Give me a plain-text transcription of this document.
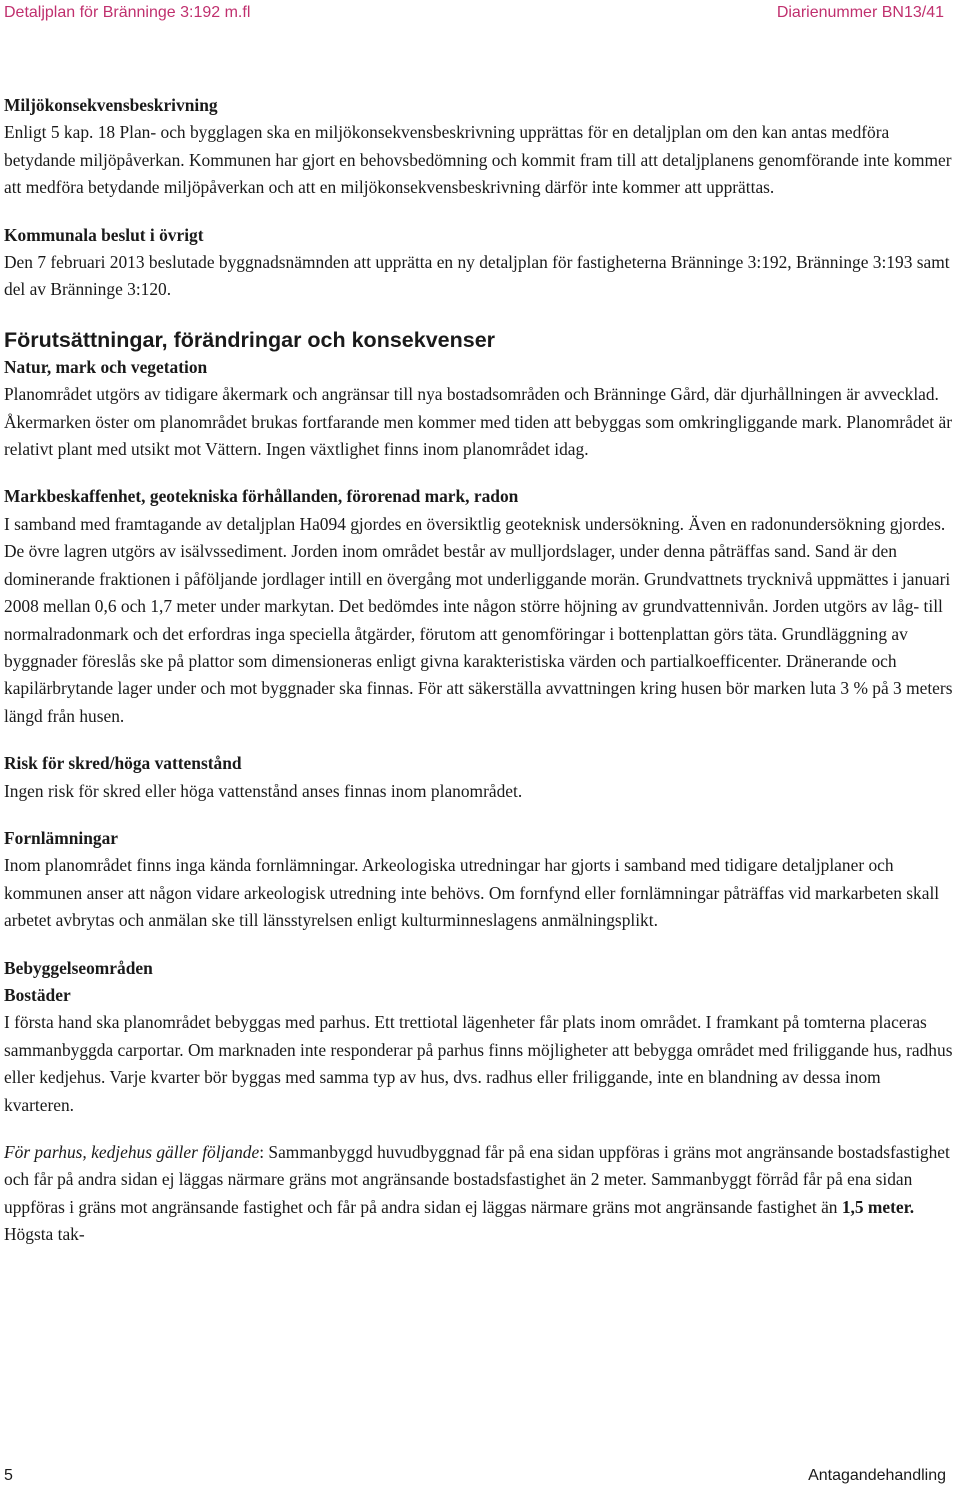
Detaljplan för Bränninge 3:192 m.fl	Diarienummer BN13/41

Miljökonsekvensbeskrivning

Enligt 5 kap. 18 Plan- och bygglagen ska en miljökonsekvensbeskrivning upprättas för en detaljplan om den kan antas medföra betydande miljöpåverkan. Kommunen har gjort en behovsbedömning och kommit fram till att detaljplanens genomförande inte kommer att medföra betydande miljöpåverkan och att en miljökonsekvensbeskrivning därför inte kommer att upprättas.

Kommunala beslut i övrigt

Den 7 februari 2013 beslutade byggnadsnämnden att upprätta en ny detaljplan för fastigheterna Bränninge 3:192, Bränninge 3:193 samt del av Bränninge 3:120.

Förutsättningar, förändringar och konsekvenser

Natur, mark och vegetation

Planområdet utgörs av tidigare åkermark och angränsar till nya bostadsområden och Bränninge Gård, där djurhållningen är avvecklad. Åkermarken öster om planområdet brukas fortfarande men kommer med tiden att bebyggas som omkringliggande mark. Planområdet är relativt plant med utsikt mot Vättern. Ingen växtlighet finns inom planområdet idag.

Markbeskaffenhet, geotekniska förhållanden, förorenad mark, radon

I samband med framtagande av detaljplan Ha094 gjordes en översiktlig geoteknisk undersökning. Även en radonundersökning gjordes. De övre lagren utgörs av isälvssediment. Jorden inom området består av mulljordslager, under denna påträffas sand. Sand är den dominerande fraktionen i påföljande jordlager intill en övergång mot underliggande morän. Grundvattnets trycknivå uppmättes i januari 2008 mellan 0,6 och 1,7 meter under markytan. Det bedömdes inte någon större höjning av grundvattennivån. Jorden utgörs av låg- till normalradonmark och det erfordras inga speciella åtgärder, förutom att genomföringar i bottenplattan görs täta. Grundläggning av byggnader föreslås ske på plattor som dimensioneras enligt givna karakteristiska värden och partialkoefficenter. Dränerande och kapilärbrytande lager under och mot byggnader ska finnas. För att säkerställa avvattningen kring husen bör marken luta 3 % på 3 meters längd från husen.

Risk för skred/höga vattenstånd

Ingen risk för skred eller höga vattenstånd anses finnas inom planområdet.

Fornlämningar

Inom planområdet finns inga kända fornlämningar. Arkeologiska utredningar har gjorts i samband med tidigare detaljplaner och kommunen anser att någon vidare arkeologisk utredning inte behövs. Om fornfynd eller fornlämningar påträffas vid markarbeten skall arbetet avbrytas och anmälan ske till länsstyrelsen enligt kulturminneslagens anmälningsplikt.

Bebyggelseområden

Bostäder

I första hand ska planområdet bebyggas med parhus. Ett trettiotal lägenheter får plats inom området. I framkant på tomterna placeras sammanbyggda carportar. Om marknaden inte responderar på parhus finns möjligheter att bebygga området med friliggande hus, radhus eller kedjehus. Varje kvarter bör byggas med samma typ av hus, dvs. radhus eller friliggande, inte en blandning av dessa inom kvarteren.

För parhus, kedjehus gäller följande: Sammanbyggd huvudbyggnad får på ena sidan uppföras i gräns mot angränsande bostadsfastighet och får på andra sidan ej läggas närmare gräns mot angränsande bostadsfastighet än 2 meter. Sammanbyggt förråd får på ena sidan uppföras i gräns mot angränsande fastighet och får på andra sidan ej läggas närmare gräns mot angränsande fastighet än 1,5 meter. Högsta tak-

5	Antagandehandling
